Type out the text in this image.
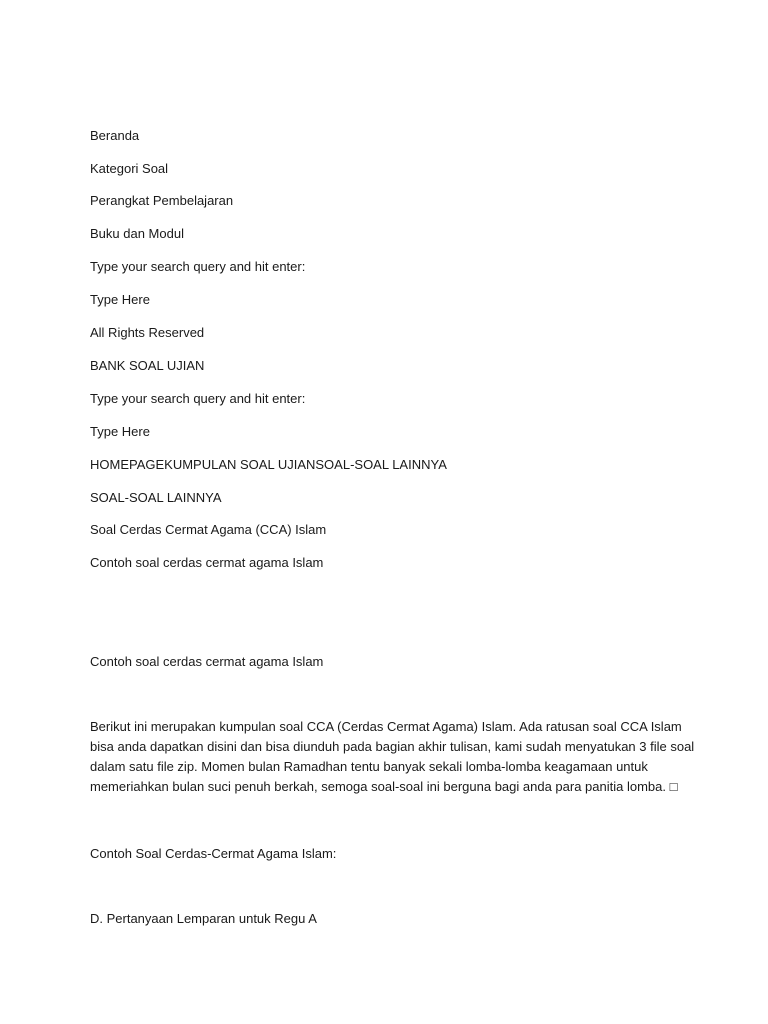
Beranda
Kategori Soal
Perangkat Pembelajaran
Buku dan Modul
Type your search query and hit enter:
Type Here
All Rights Reserved
BANK SOAL UJIAN
Type your search query and hit enter:
Type Here
HOMEPAGEKUMPULAN SOAL UJIANSOAL-SOAL LAINNYA
SOAL-SOAL LAINNYA
Soal Cerdas Cermat Agama (CCA) Islam
Contoh soal cerdas cermat agama Islam
Contoh soal cerdas cermat agama Islam
Berikut ini merupakan kumpulan soal CCA (Cerdas Cermat Agama) Islam. Ada ratusan soal CCA Islam
bisa anda dapatkan disini dan bisa diunduh pada bagian akhir tulisan, kami sudah menyatukan 3 file soal
dalam satu file zip. Momen bulan Ramadhan tentu banyak sekali lomba-lomba keagamaan untuk
memeriahkan bulan suci penuh berkah, semoga soal-soal ini berguna bagi anda para panitia lomba. □
Contoh Soal Cerdas-Cermat Agama Islam:
D. Pertanyaan Lemparan untuk Regu A
